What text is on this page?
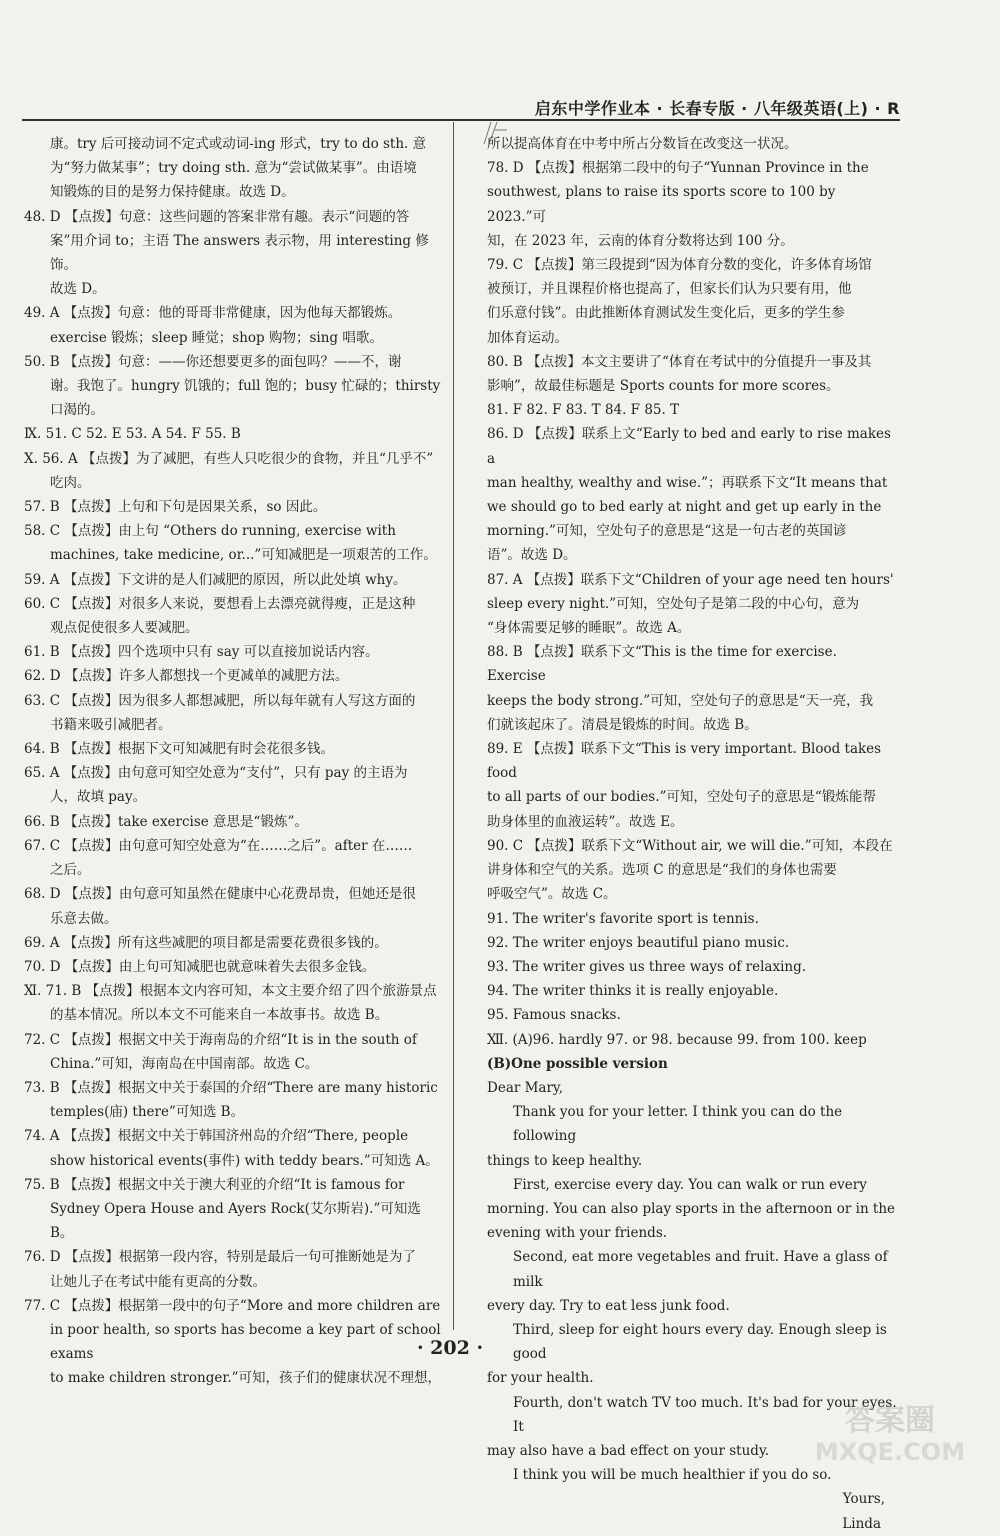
启东中学作业本 · 长春专版 · 八年级英语(上) · R

康。try 后可接动词不定式或动词-ing 形式，try to do sth. 意

为“努力做某事”；try doing sth. 意为“尝试做某事”。由语境

知锻炼的目的是努力保持健康。故选 D。

48. D 【点拨】句意：这些问题的答案非常有趣。表示“问题的答

案”用介词 to；主语 The answers 表示物，用 interesting 修饰。

故选 D。

49. A 【点拨】句意：他的哥哥非常健康，因为他每天都锻炼。

exercise 锻炼；sleep 睡觉；shop 购物；sing 唱歌。

50. B 【点拨】句意：——你还想要更多的面包吗？——不，谢

谢。我饱了。hungry 饥饿的；full 饱的；busy 忙碌的；thirsty

口渴的。

Ⅸ. 51. C 52. E 53. A 54. F 55. B

Ⅹ. 56. A 【点拨】为了减肥，有些人只吃很少的食物，并且“几乎不”

吃肉。

57. B 【点拨】上句和下句是因果关系，so 因此。

58. C 【点拨】由上句 “Others do running, exercise with

machines, take medicine, or...”可知减肥是一项艰苦的工作。

59. A 【点拨】下文讲的是人们减肥的原因，所以此处填 why。

60. C 【点拨】对很多人来说，要想看上去漂亮就得瘦，正是这种

观点促使很多人要减肥。

61. B 【点拨】四个选项中只有 say 可以直接加说话内容。

62. D 【点拨】许多人都想找一个更减单的减肥方法。

63. C 【点拨】因为很多人都想减肥，所以每年就有人写这方面的

书籍来吸引减肥者。

64. B 【点拨】根据下文可知减肥有时会花很多钱。

65. A 【点拨】由句意可知空处意为“支付”，只有 pay 的主语为

人，故填 pay。

66. B 【点拨】take exercise 意思是“锻炼”。

67. C 【点拨】由句意可知空处意为“在……之后”。after 在……

之后。

68. D 【点拨】由句意可知虽然在健康中心花费昂贵，但她还是很

乐意去做。

69. A 【点拨】所有这些减肥的项目都是需要花费很多钱的。

70. D 【点拨】由上句可知减肥也就意味着失去很多金钱。

Ⅺ. 71. B 【点拨】根据本文内容可知，本文主要介绍了四个旅游景点

的基本情况。所以本文不可能来自一本故事书。故选 B。

72. C 【点拨】根据文中关于海南岛的介绍“It is in the south of

China.”可知，海南岛在中国南部。故选 C。

73. B 【点拨】根据文中关于泰国的介绍“There are many historic

temples(庙) there”可知选 B。

74. A 【点拨】根据文中关于韩国济州岛的介绍“There, people

show historical events(事件) with teddy bears.”可知选 A。

75. B 【点拨】根据文中关于澳大利亚的介绍“It is famous for

Sydney Opera House and Ayers Rock(艾尔斯岩).”可知选 B。

76. D 【点拨】根据第一段内容，特别是最后一句可推断她是为了

让她儿子在考试中能有更高的分数。

77. C 【点拨】根据第一段中的句子“More and more children are

in poor health, so sports has become a key part of school exams

to make children stronger.”可知，孩子们的健康状况不理想，

所以提高体育在中考中所占分数旨在改变这一状况。

78. D 【点拨】根据第二段中的句子“Yunnan Province in the

southwest, plans to raise its sports score to 100 by 2023.”可

知，在 2023 年，云南的体育分数将达到 100 分。

79. C 【点拨】第三段提到“因为体育分数的变化，许多体育场馆

被预订，并且课程价格也提高了，但家长们认为只要有用，他

们乐意付钱”。由此推断体育测试发生变化后，更多的学生参

加体育运动。

80. B 【点拨】本文主要讲了“体育在考试中的分值提升一事及其

影响”，故最佳标题是 Sports counts for more scores。

81. F 82. F 83. T 84. F 85. T

86. D 【点拨】联系上文“Early to bed and early to rise makes a

man healthy, wealthy and wise.”；再联系下文“It means that

we should go to bed early at night and get up early in the

morning.”可知，空处句子的意思是“这是一句古老的英国谚

语”。故选 D。

87. A 【点拨】联系下文“Children of your age need ten hours'

sleep every night.”可知，空处句子是第二段的中心句，意为

“身体需要足够的睡眠”。故选 A。

88. B 【点拨】联系下文“This is the time for exercise. Exercise

keeps the body strong.”可知，空处句子的意思是“天一亮，我

们就该起床了。清晨是锻炼的时间。故选 B。

89. E 【点拨】联系下文“This is very important. Blood takes food

to all parts of our bodies.”可知，空处句子的意思是“锻炼能帮

助身体里的血液运转”。故选 E。

90. C 【点拨】联系下文“Without air, we will die.”可知，本段在

讲身体和空气的关系。选项 C 的意思是“我们的身体也需要

呼吸空气”。故选 C。

91. The writer's favorite sport is tennis.

92. The writer enjoys beautiful piano music.

93. The writer gives us three ways of relaxing.

94. The writer thinks it is really enjoyable.

95. Famous snacks.

Ⅻ. (A)96. hardly 97. or 98. because 99. from 100. keep

(B)One possible version

Dear Mary,

Thank you for your letter. I think you can do the following

things to keep healthy.

First, exercise every day. You can walk or run every

morning. You can also play sports in the afternoon or in the

evening with your friends.

Second, eat more vegetables and fruit. Have a glass of milk

every day. Try to eat less junk food.

Third, sleep for eight hours every day. Enough sleep is good

for your health.

Fourth, don't watch TV too much. It's bad for your eyes. It

may also have a bad effect on your study.

I think you will be much healthier if you do so.

Yours,

Linda

· 202 ·
答案圈
MXQE.COM
